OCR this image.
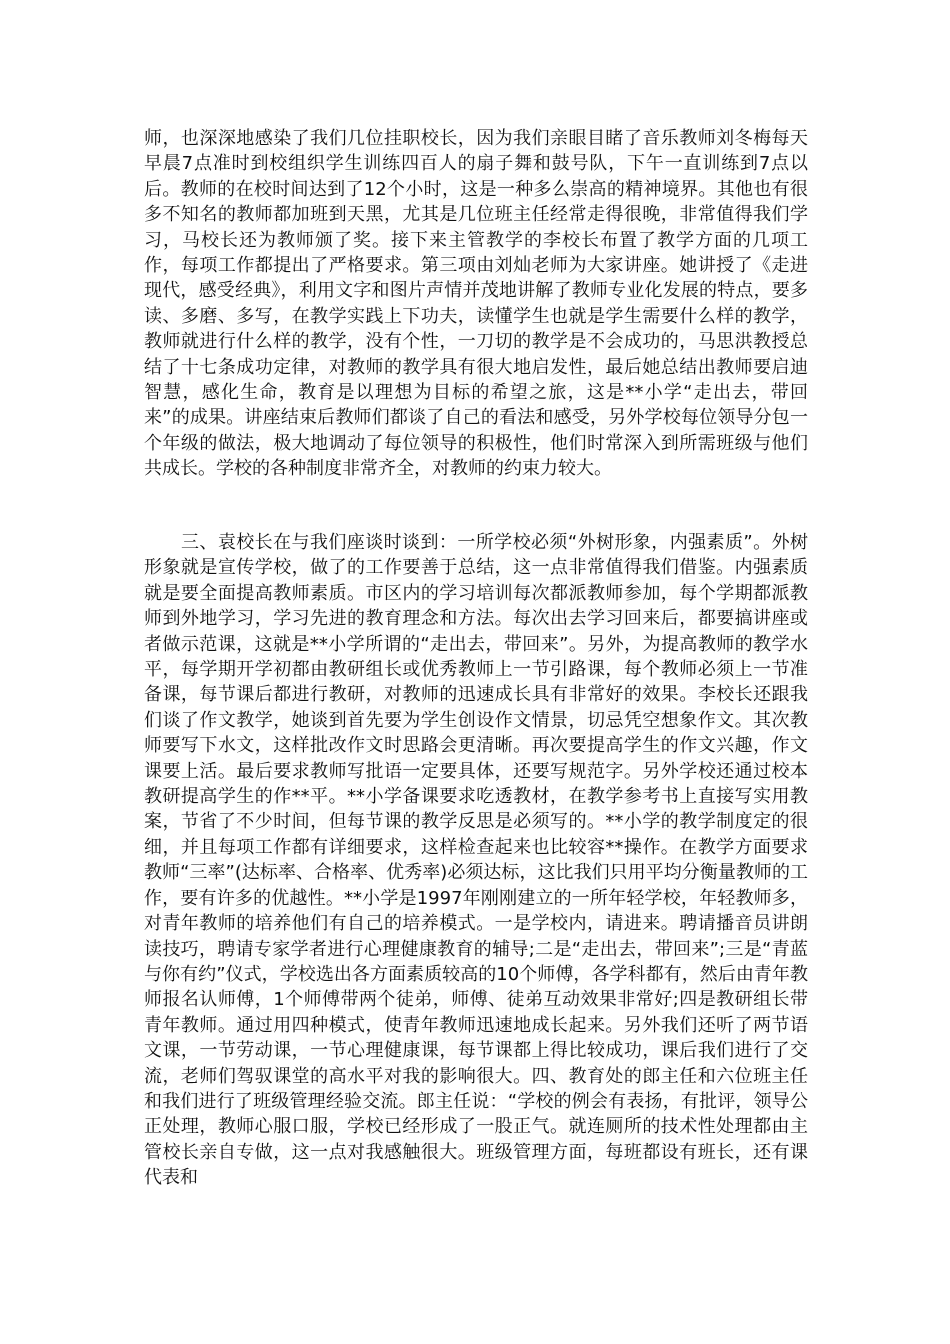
师，也深深地感染了我们几位挂职校长，因为我们亲眼目睹了音乐教师刘冬梅每天早晨7点准时到校组织学生训练四百人的扇子舞和鼓号队，下午一直训练到7点以后。教师的在校时间达到了12个小时，这是一种多么崇高的精神境界。其他也有很多不知名的教师都加班到天黑，尤其是几位班主任经常走得很晚，非常值得我们学习，马校长还为教师颁了奖。接下来主管教学的李校长布置了教学方面的几项工作，每项工作都提出了严格要求。第三项由刘灿老师为大家讲座。她讲授了《走进现代，感受经典》，利用文字和图片声情并茂地讲解了教师专业化发展的特点，要多读、多磨、多写，在教学实践上下功夫，读懂学生也就是学生需要什么样的教学，教师就进行什么样的教学，没有个性，一刀切的教学是不会成功的，马思洪教授总结了十七条成功定律，对教师的教学具有很大地启发性，最后她总结出教师要启迪智慧，感化生命，教育是以理想为目标的希望之旅，这是**小学“走出去，带回来”的成果。讲座结束后教师们都谈了自己的看法和感受，另外学校每位领导分包一个年级的做法，极大地调动了每位领导的积极性，他们时常深入到所需班级与他们共成长。学校的各种制度非常齐全，对教师的约束力较大。

三、袁校长在与我们座谈时谈到：一所学校必须“外树形象，内强素质”。外树形象就是宣传学校，做了的工作要善于总结，这一点非常值得我们借鉴。内强素质就是要全面提高教师素质。市区内的学习培训每次都派教师参加，每个学期都派教师到外地学习，学习先进的教育理念和方法。每次出去学习回来后，都要搞讲座或者做示范课，这就是**小学所谓的“走出去，带回来”。另外，为提高教师的教学水平，每学期开学初都由教研组长或优秀教师上一节引路课，每个教师必须上一节准备课，每节课后都进行教研，对教师的迅速成长具有非常好的效果。李校长还跟我们谈了作文教学，她谈到首先要为学生创设作文情景，切忌凭空想象作文。其次教师要写下水文，这样批改作文时思路会更清晰。再次要提高学生的作文兴趣，作文课要上活。最后要求教师写批语一定要具体，还要写规范字。另外学校还通过校本教研提高学生的作**平。**小学备课要求吃透教材，在教学参考书上直接写实用教案，节省了不少时间，但每节课的教学反思是必须写的。**小学的教学制度定的很细，并且每项工作都有详细要求，这样检查起来也比较容**操作。在教学方面要求教师“三率”(达标率、合格率、优秀率)必须达标，这比我们只用平均分衡量教师的工作，要有许多的优越性。**小学是1997年刚刚建立的一所年轻学校，年轻教师多，对青年教师的培养他们有自己的培养模式。一是学校内，请进来。聘请播音员讲朗读技巧，聘请专家学者进行心理健康教育的辅导;二是“走出去，带回来”;三是“青蓝与你有约”仪式，学校选出各方面素质较高的10个师傅，各学科都有，然后由青年教师报名认师傅，1个师傅带两个徒弟，师傅、徒弟互动效果非常好;四是教研组长带青年教师。通过用四种模式，使青年教师迅速地成长起来。另外我们还听了两节语文课，一节劳动课，一节心理健康课，每节课都上得比较成功，课后我们进行了交流，老师们驾驭课堂的高水平对我的影响很大。四、教育处的郎主任和六位班主任和我们进行了班级管理经验交流。郎主任说：“学校的例会有表扬，有批评，领导公正处理，教师心服口服，学校已经形成了一股正气。就连厕所的技术性处理都由主管校长亲自专做，这一点对我感触很大。班级管理方面，每班都设有班长，还有课代表和
